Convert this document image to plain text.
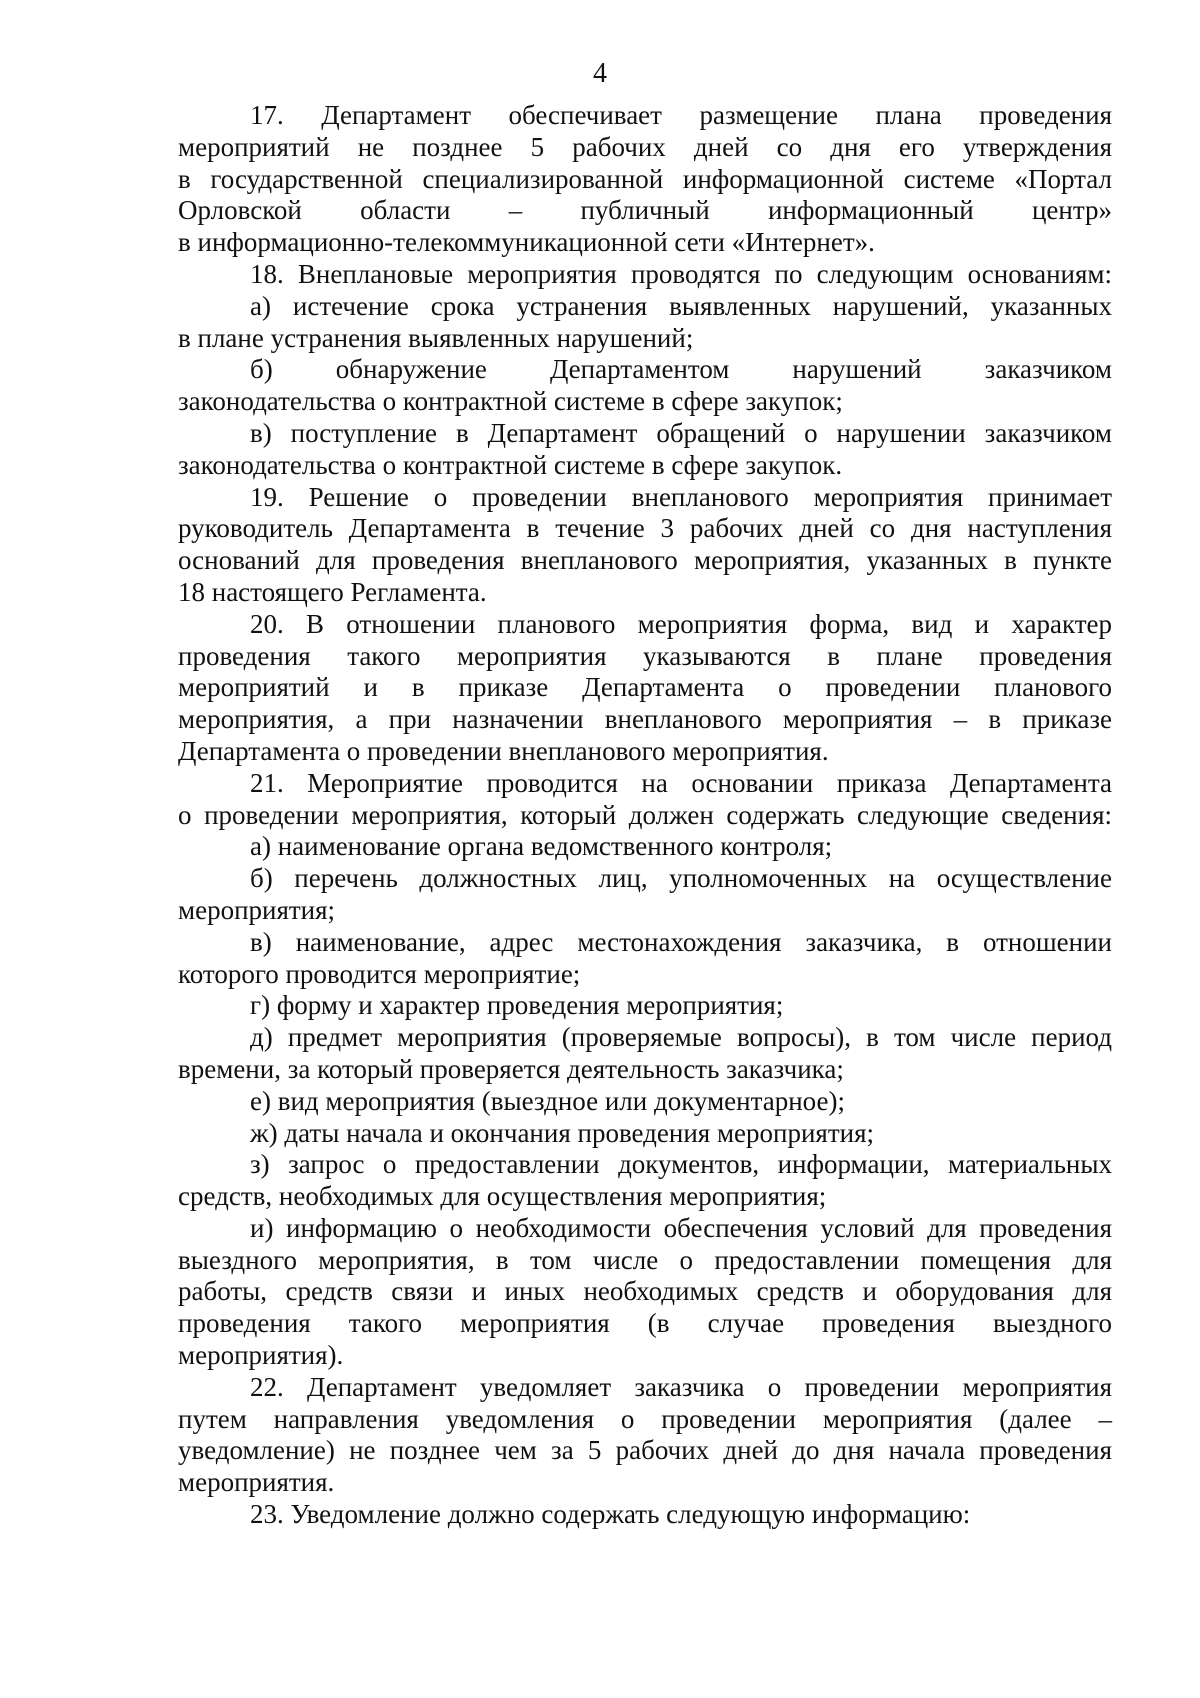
4
17. Департамент обеспечивает размещение плана проведения
мероприятий не позднее 5 рабочих дней со дня его утверждения
в государственной специализированной информационной системе «Портал
Орловской области – публичный информационный центр»
в информационно-телекоммуникационной сети «Интернет».
18. Внеплановые мероприятия проводятся по следующим основаниям:
а) истечение срока устранения выявленных нарушений, указанных
в плане устранения выявленных нарушений;
б) обнаружение Департаментом нарушений заказчиком
законодательства о контрактной системе в сфере закупок;
в) поступление в Департамент обращений о нарушении заказчиком
законодательства о контрактной системе в сфере закупок.
19. Решение о проведении внепланового мероприятия принимает
руководитель Департамента в течение 3 рабочих дней со дня наступления
оснований для проведения внепланового мероприятия, указанных в пункте
18 настоящего Регламента.
20. В отношении планового мероприятия форма, вид и характер
проведения такого мероприятия указываются в плане проведения
мероприятий и в приказе Департамента о проведении планового
мероприятия, а при назначении внепланового мероприятия – в приказе
Департамента о проведении внепланового мероприятия.
21. Мероприятие проводится на основании приказа Департамента
о проведении мероприятия, который должен содержать следующие сведения:
а) наименование органа ведомственного контроля;
б) перечень должностных лиц, уполномоченных на осуществление
мероприятия;
в) наименование, адрес местонахождения заказчика, в отношении
которого проводится мероприятие;
г) форму и характер проведения мероприятия;
д) предмет мероприятия (проверяемые вопросы), в том числе период
времени, за который проверяется деятельность заказчика;
е) вид мероприятия (выездное или документарное);
ж) даты начала и окончания проведения мероприятия;
з) запрос о предоставлении документов, информации, материальных
средств, необходимых для осуществления мероприятия;
и) информацию о необходимости обеспечения условий для проведения
выездного мероприятия, в том числе о предоставлении помещения для
работы, средств связи и иных необходимых средств и оборудования для
проведения такого мероприятия (в случае проведения выездного
мероприятия).
22. Департамент уведомляет заказчика о проведении мероприятия
путем направления уведомления о проведении мероприятия (далее –
уведомление) не позднее чем за 5 рабочих дней до дня начала проведения
мероприятия.
23. Уведомление должно содержать следующую информацию:
